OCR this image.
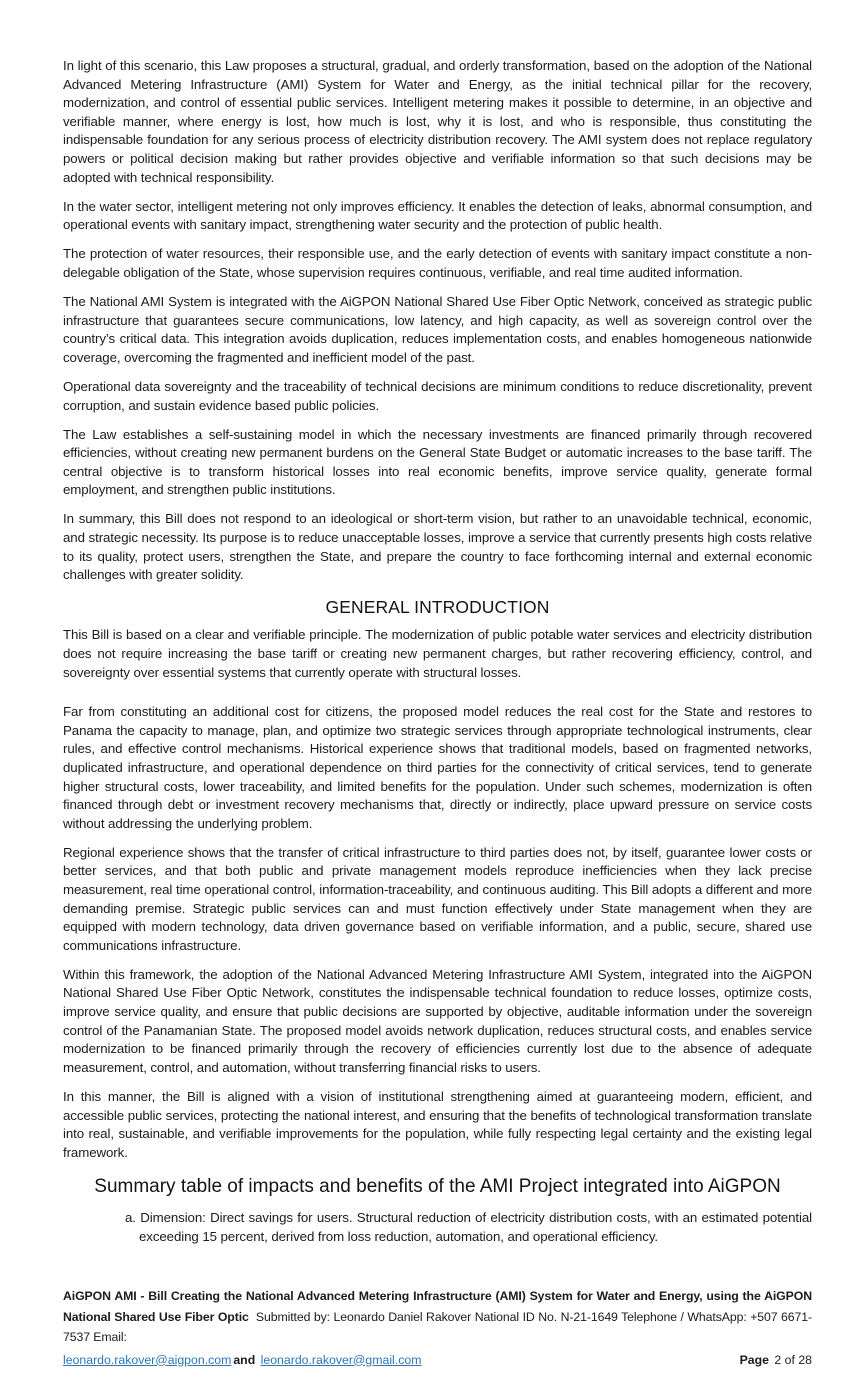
In light of this scenario, this Law proposes a structural, gradual, and orderly transformation, based on the adoption of the National Advanced Metering Infrastructure (AMI) System for Water and Energy, as the initial technical pillar for the recovery, modernization, and control of essential public services. Intelligent metering makes it possible to determine, in an objective and verifiable manner, where energy is lost, how much is lost, why it is lost, and who is responsible, thus constituting the indispensable foundation for any serious process of electricity distribution recovery. The AMI system does not replace regulatory powers or political decision making but rather provides objective and verifiable information so that such decisions may be adopted with technical responsibility.

In the water sector, intelligent metering not only improves efficiency. It enables the detection of leaks, abnormal consumption, and operational events with sanitary impact, strengthening water security and the protection of public health.

The protection of water resources, their responsible use, and the early detection of events with sanitary impact constitute a non-delegable obligation of the State, whose supervision requires continuous, verifiable, and real time audited information.

The National AMI System is integrated with the AiGPON National Shared Use Fiber Optic Network, conceived as strategic public infrastructure that guarantees secure communications, low latency, and high capacity, as well as sovereign control over the country’s critical data. This integration avoids duplication, reduces implementation costs, and enables homogeneous nationwide coverage, overcoming the fragmented and inefficient model of the past.

Operational data sovereignty and the traceability of technical decisions are minimum conditions to reduce discretionality, prevent corruption, and sustain evidence based public policies.

The Law establishes a self-sustaining model in which the necessary investments are financed primarily through recovered efficiencies, without creating new permanent burdens on the General State Budget or automatic increases to the base tariff. The central objective is to transform historical losses into real economic benefits, improve service quality, generate formal employment, and strengthen public institutions.

In summary, this Bill does not respond to an ideological or short-term vision, but rather to an unavoidable technical, economic, and strategic necessity. Its purpose is to reduce unacceptable losses, improve a service that currently presents high costs relative to its quality, protect users, strengthen the State, and prepare the country to face forthcoming internal and external economic challenges with greater solidity.

GENERAL INTRODUCTION

This Bill is based on a clear and verifiable principle. The modernization of public potable water services and electricity distribution does not require increasing the base tariff or creating new permanent charges, but rather recovering efficiency, control, and sovereignty over essential systems that currently operate with structural losses.

Far from constituting an additional cost for citizens, the proposed model reduces the real cost for the State and restores to Panama the capacity to manage, plan, and optimize two strategic services through appropriate technological instruments, clear rules, and effective control mechanisms. Historical experience shows that traditional models, based on fragmented networks, duplicated infrastructure, and operational dependence on third parties for the connectivity of critical services, tend to generate higher structural costs, lower traceability, and limited benefits for the population. Under such schemes, modernization is often financed through debt or investment recovery mechanisms that, directly or indirectly, place upward pressure on service costs without addressing the underlying problem.

Regional experience shows that the transfer of critical infrastructure to third parties does not, by itself, guarantee lower costs or better services, and that both public and private management models reproduce inefficiencies when they lack precise measurement, real time operational control, information-traceability, and continuous auditing. This Bill adopts a different and more demanding premise. Strategic public services can and must function effectively under State management when they are equipped with modern technology, data driven governance based on verifiable information, and a public, secure, shared use communications infrastructure.

Within this framework, the adoption of the National Advanced Metering Infrastructure AMI System, integrated into the AiGPON National Shared Use Fiber Optic Network, constitutes the indispensable technical foundation to reduce losses, optimize costs, improve service quality, and ensure that public decisions are supported by objective, auditable information under the sovereign control of the Panamanian State. The proposed model avoids network duplication, reduces structural costs, and enables service modernization to be financed primarily through the recovery of efficiencies currently lost due to the absence of adequate measurement, control, and automation, without transferring financial risks to users.

In this manner, the Bill is aligned with a vision of institutional strengthening aimed at guaranteeing modern, efficient, and accessible public services, protecting the national interest, and ensuring that the benefits of technological transformation translate into real, sustainable, and verifiable improvements for the population, while fully respecting legal certainty and the existing legal framework.

Summary table of impacts and benefits of the AMI Project integrated into AiGPON

a. Dimension: Direct savings for users. Structural reduction of electricity distribution costs, with an estimated potential exceeding 15 percent, derived from loss reduction, automation, and operational efficiency.

AiGPON AMI - Bill Creating the National Advanced Metering Infrastructure (AMI) System for Water and Energy, using the AiGPON National Shared Use Fiber Optic Submitted by: Leonardo Daniel Rakover National ID No. N-21-1649 Telephone / WhatsApp: +507 6671-7537 Email:
leonardo.rakover@aigpon.com and leonardo.rakover@gmail.com	Page 2 of 28
